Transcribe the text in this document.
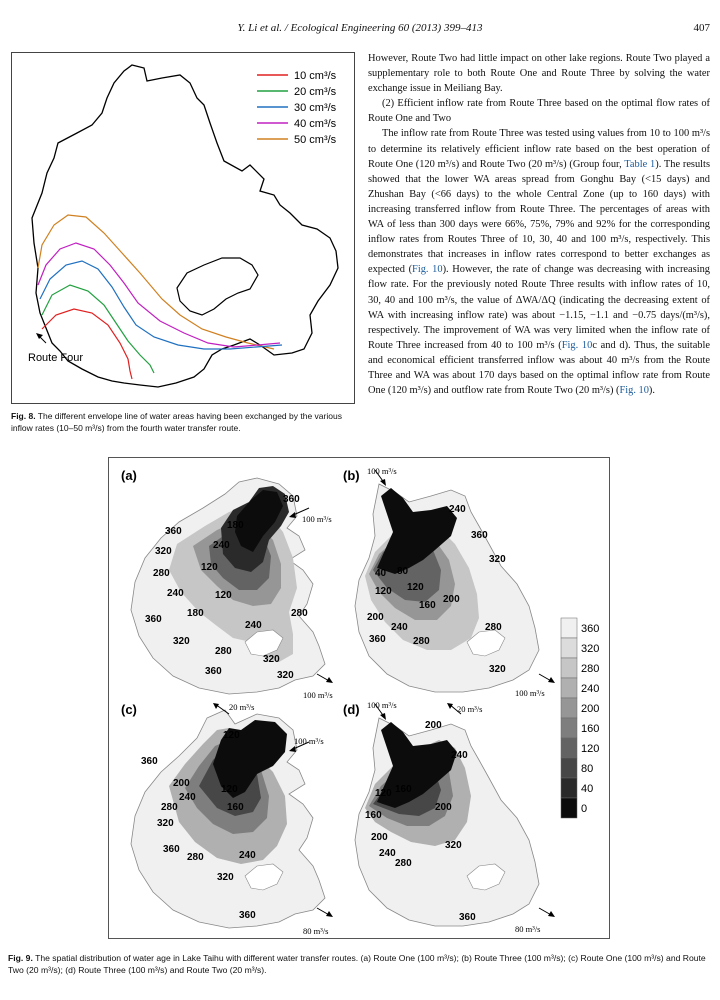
Y. Li et al. / Ecological Engineering 60 (2013) 399–413	407
10 cm³/s
20 cm³/s
30 cm³/s
40 cm³/s
50 cm³/s
Route Four
Fig. 8. The different envelope line of water areas having been exchanged by the various inflow rates (10–50 m³/s) from the fourth water transfer route.

However, Route Two had little impact on other lake regions. Route Two played a supplementary role to both Route One and Route Three by solving the water exchange issue in Meiliang Bay.

(2) Efficient inflow rate from Route Three based on the optimal flow rates of Route One and Two

The inflow rate from Route Three was tested using values from 10 to 100 m³/s to determine its relatively efficient inflow rate based on the best operation of Route One (120 m³/s) and Route Two (20 m³/s) (Group four, Table 1). The results showed that the lower WA areas spread from Gonghu Bay (<15 days) and Zhushan Bay (<66 days) to the whole Central Zone (up to 160 days) with increasing transferred inflow from Route Three. The percentages of areas with WA of less than 300 days were 66%, 75%, 79% and 92% for the corresponding inflow rates from Routes Three of 10, 30, 40 and 100 m³/s, respectively. This demonstrates that increases in inflow rates correspond to better exchanges as expected (Fig. 10). However, the rate of change was decreasing with increasing flow rate. For the previously noted Route Three results with inflow rates of 10, 30, 40 and 100 m³/s, the value of ΔWA/ΔQ (indicating the decreasing extent of WA with increasing inflow rate) was about −1.15, −1.1 and −0.75 days/(m³/s), respectively. The improvement of WA was very limited when the inflow rate of Route Three increased from 40 to 100 m³/s (Fig. 10c and d). Thus, the suitable and economical efficient transferred inflow was about 40 m³/s from the Route Three and WA was about 170 days based on the optimal inflow rate from Route One (120 m³/s) and outflow rate from Route Two (20 m³/s) (Fig. 10).

(a)
100 m³/s
100 m³/s
360
240
180
120
360
320
280
240	120
180
240
280
360
320
320
280
360	320
(b) 100 m³/s
100 m³/s
240
360
320
80
40
120
160
200
120
240
280
360
280
320
200
(c)
100 m³/s
20 m³/s
80 m³/s
120
360
120
200
240
160
280
320
360
240
280
320
360
(d) 100 m³/s	20 m³/s
80 m³/s
200
240
160
200
120
160
200
240
280
320
360
360
320
280
240
200
160
120
80
40
0
Fig. 9. The spatial distribution of water age in Lake Taihu with different water transfer routes. (a) Route One (100 m³/s); (b) Route Three (100 m³/s); (c) Route One (100 m³/s) and Route Two (20 m³/s); (d) Route Three (100 m³/s) and Route Two (20 m³/s).
